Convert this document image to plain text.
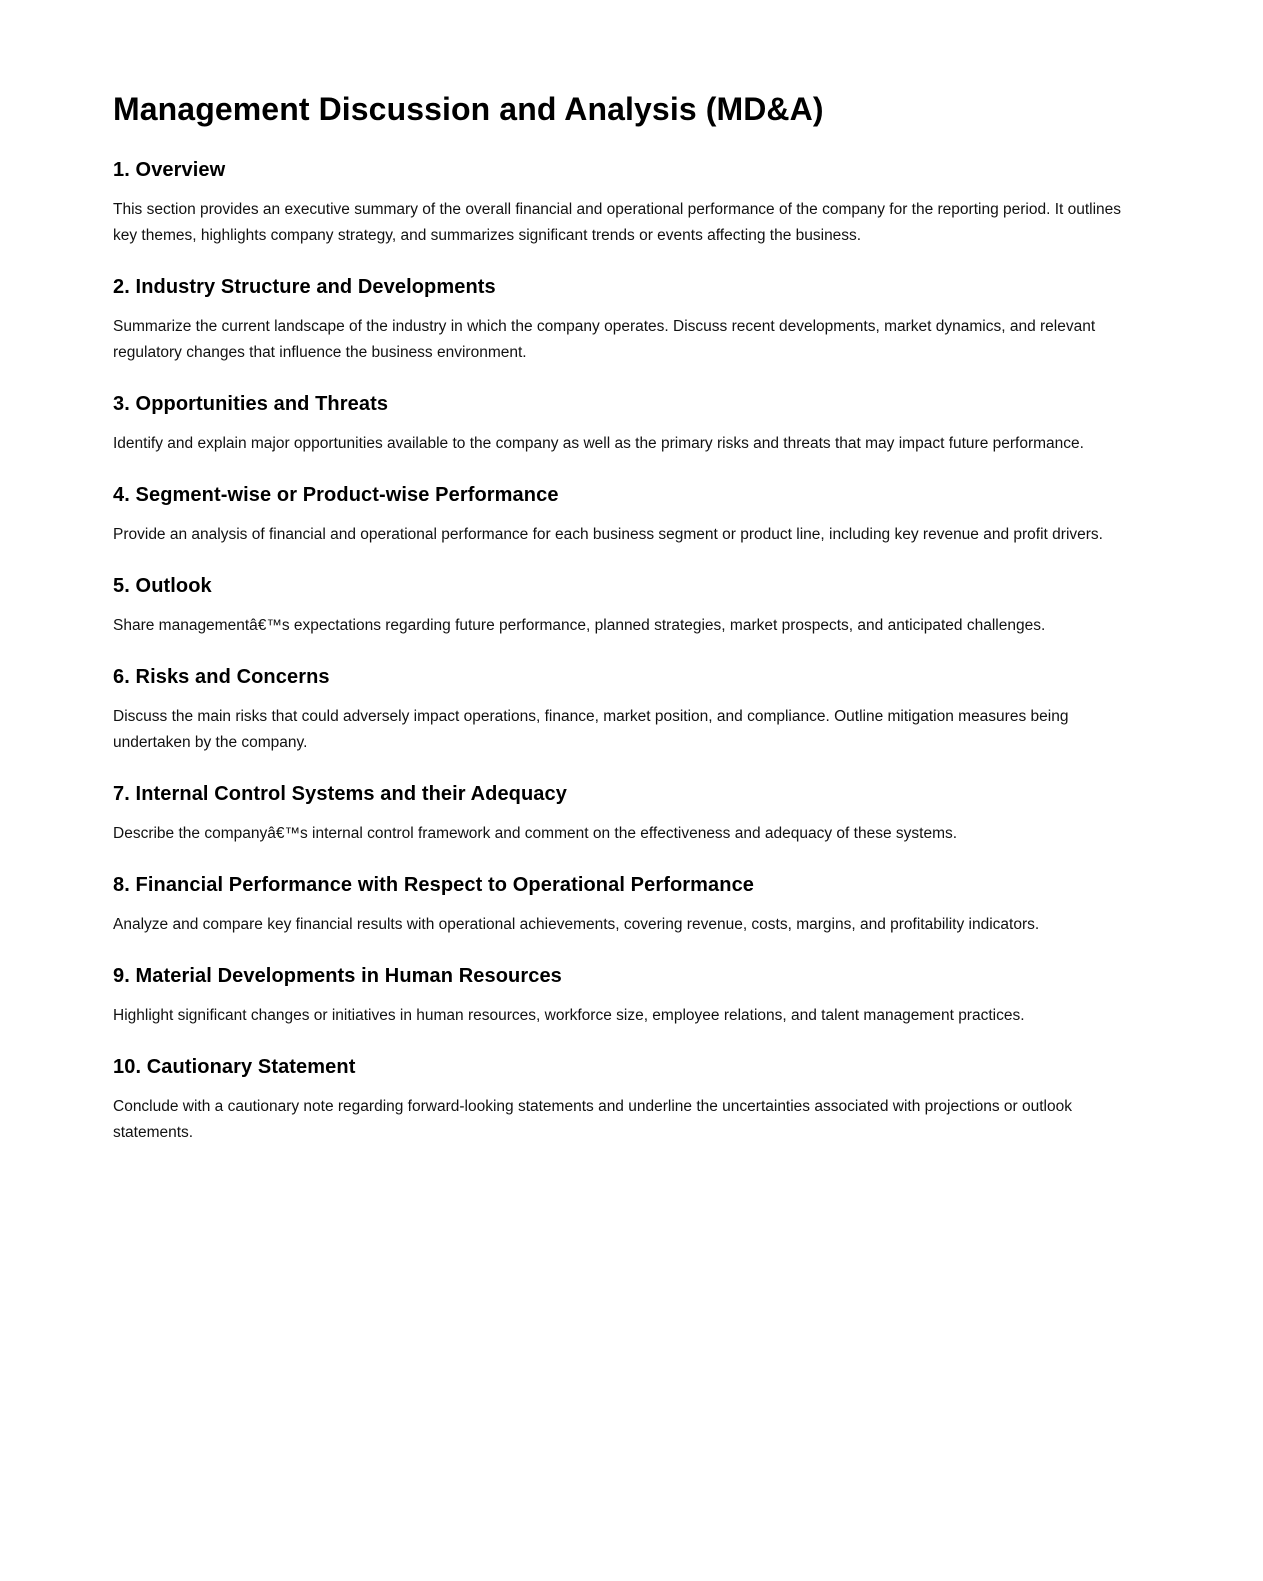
Management Discussion and Analysis (MD&A)
1. Overview

This section provides an executive summary of the overall financial and operational performance of the company for the reporting period. It outlines key themes, highlights company strategy, and summarizes significant trends or events affecting the business.

2. Industry Structure and Developments

Summarize the current landscape of the industry in which the company operates. Discuss recent developments, market dynamics, and relevant regulatory changes that influence the business environment.

3. Opportunities and Threats

Identify and explain major opportunities available to the company as well as the primary risks and threats that may impact future performance.

4. Segment-wise or Product-wise Performance

Provide an analysis of financial and operational performance for each business segment or product line, including key revenue and profit drivers.

5. Outlook

Share managementâ€™s expectations regarding future performance, planned strategies, market prospects, and anticipated challenges.

6. Risks and Concerns

Discuss the main risks that could adversely impact operations, finance, market position, and compliance. Outline mitigation measures being undertaken by the company.

7. Internal Control Systems and their Adequacy

Describe the companyâ€™s internal control framework and comment on the effectiveness and adequacy of these systems.

8. Financial Performance with Respect to Operational Performance

Analyze and compare key financial results with operational achievements, covering revenue, costs, margins, and profitability indicators.

9. Material Developments in Human Resources

Highlight significant changes or initiatives in human resources, workforce size, employee relations, and talent management practices.

10. Cautionary Statement

Conclude with a cautionary note regarding forward-looking statements and underline the uncertainties associated with projections or outlook statements.
